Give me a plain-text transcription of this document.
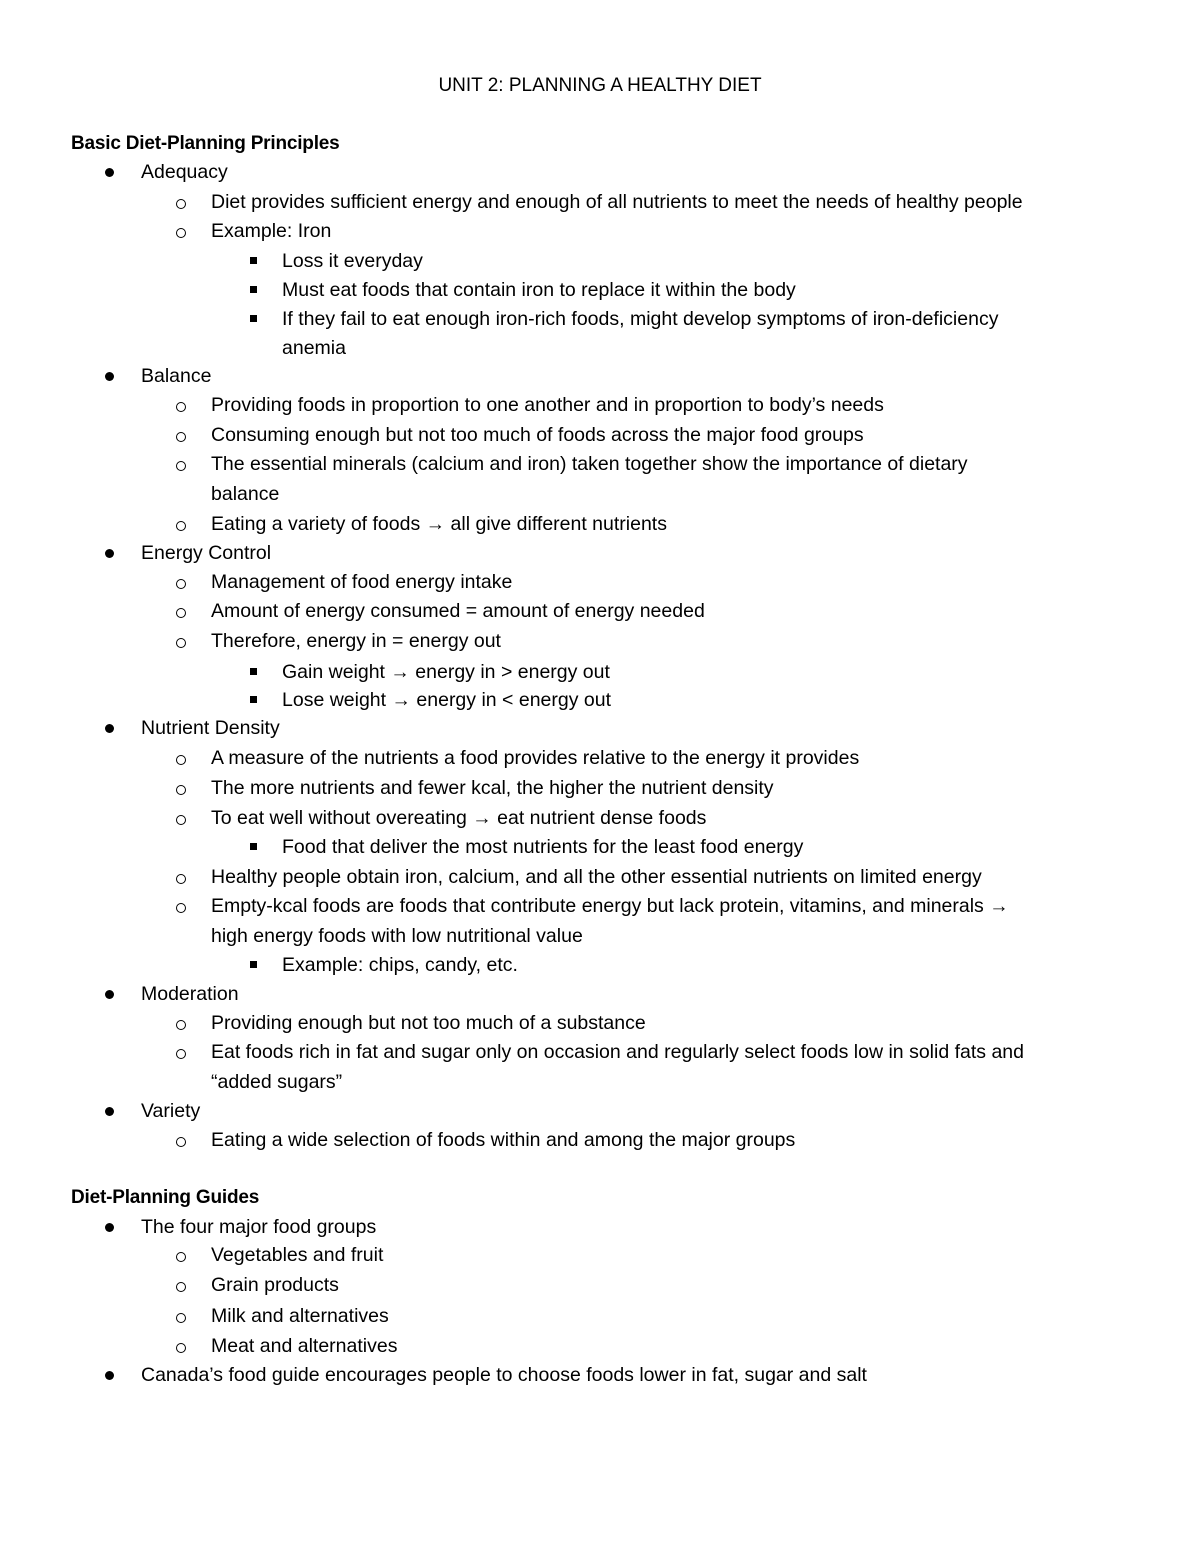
UNIT 2: PLANNING A HEALTHY DIET
Basic Diet-Planning Principles
Adequacy
Diet provides sufficient energy and enough of all nutrients to meet the needs of healthy people
Example: Iron
Loss it everyday
Must eat foods that contain iron to replace it within the body
If they fail to eat enough iron-rich foods, might develop symptoms of iron-deficiency
anemia
Balance
Providing foods in proportion to one another and in proportion to body’s needs
Consuming enough but not too much of foods across the major food groups
The essential minerals (calcium and iron) taken together show the importance of dietary
balance
Eating a variety of foods → all give different nutrients
Energy Control
Management of food energy intake
Amount of energy consumed = amount of energy needed
Therefore, energy in = energy out
Gain weight → energy in > energy out
Lose weight → energy in < energy out
Nutrient Density
A measure of the nutrients a food provides relative to the energy it provides
The more nutrients and fewer kcal, the higher the nutrient density
To eat well without overeating → eat nutrient dense foods
Food that deliver the most nutrients for the least food energy
Healthy people obtain iron, calcium, and all the other essential nutrients on limited energy
Empty-kcal foods are foods that contribute energy but lack protein, vitamins, and minerals →
high energy foods with low nutritional value
Example: chips, candy, etc.
Moderation
Providing enough but not too much of a substance
Eat foods rich in fat and sugar only on occasion and regularly select foods low in solid fats and
“added sugars”
Variety
Eating a wide selection of foods within and among the major groups
Diet-Planning Guides
The four major food groups
Vegetables and fruit
Grain products
Milk and alternatives
Meat and alternatives
Canada’s food guide encourages people to choose foods lower in fat, sugar and salt
